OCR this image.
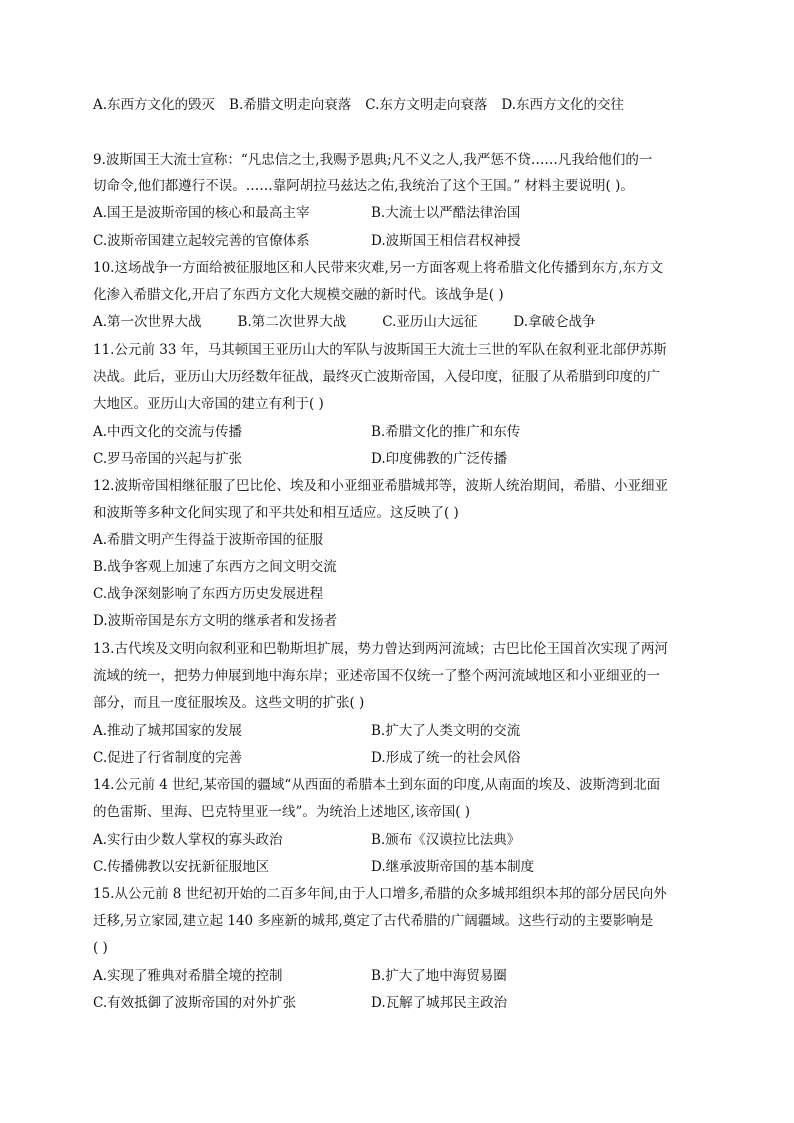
A.东西方文化的毁灭 B.希腊文明走向衰落 C.东方文明走向衰落 D.东西方文化的交往
9.波斯国王大流士宣称：“凡忠信之士,我赐予恩典;凡不义之人,我严惩不贷……凡我给他们的一
切命令,他们都遵行不误。……靠阿胡拉马兹达之佑,我统治了这个王国。” 材料主要说明( )。
A.国王是波斯帝国的核心和最高主宰	B.大流士以严酷法律治国
C.波斯帝国建立起较完善的官僚体系	D.波斯国王相信君权神授
10.这场战争一方面给被征服地区和人民带来灾难,另一方面客观上将希腊文化传播到东方,东方文
化渗入希腊文化,开启了东西方文化大规模交融的新时代。该战争是( )
A.第一次世界大战	B.第二次世界大战	C.亚历山大远征	D.拿破仑战争
11.公元前 33 年，马其顿国王亚历山大的军队与波斯国王大流士三世的军队在叙利亚北部伊苏斯
决战。此后，亚历山大历经数年征战，最终灭亡波斯帝国，入侵印度，征服了从希腊到印度的广
大地区。亚历山大帝国的建立有利于( )
A.中西文化的交流与传播	B.希腊文化的推广和东传
C.罗马帝国的兴起与扩张	D.印度佛教的广泛传播
12.波斯帝国相继征服了巴比伦、埃及和小亚细亚希腊城邦等，波斯人统治期间，希腊、小亚细亚
和波斯等多种文化间实现了和平共处和相互适应。这反映了( )
A.希腊文明产生得益于波斯帝国的征服
B.战争客观上加速了东西方之间文明交流
C.战争深刻影响了东西方历史发展进程
D.波斯帝国是东方文明的继承者和发扬者
13.古代埃及文明向叙利亚和巴勒斯坦扩展，势力曾达到两河流域；古巴比伦王国首次实现了两河
流域的统一，把势力伸展到地中海东岸；亚述帝国不仅统一了整个两河流域地区和小亚细亚的一
部分，而且一度征服埃及。这些文明的扩张( )
A.推动了城邦国家的发展	B.扩大了人类文明的交流
C.促进了行省制度的完善	D.形成了统一的社会风俗
14.公元前 4 世纪,某帝国的疆域“从西面的希腊本土到东面的印度,从南面的埃及、波斯湾到北面
的色雷斯、里海、巴克特里亚一线”。为统治上述地区,该帝国( )
A.实行由少数人掌权的寡头政治	B.颁布《汉谟拉比法典》
C.传播佛教以安抚新征服地区	D.继承波斯帝国的基本制度
15.从公元前 8 世纪初开始的二百多年间,由于人口增多,希腊的众多城邦组织本邦的部分居民向外
迁移,另立家园,建立起 140 多座新的城邦,奠定了古代希腊的广阔疆域。这些行动的主要影响是
( )
A.实现了雅典对希腊全境的控制	B.扩大了地中海贸易圈
C.有效抵御了波斯帝国的对外扩张	D.瓦解了城邦民主政治
